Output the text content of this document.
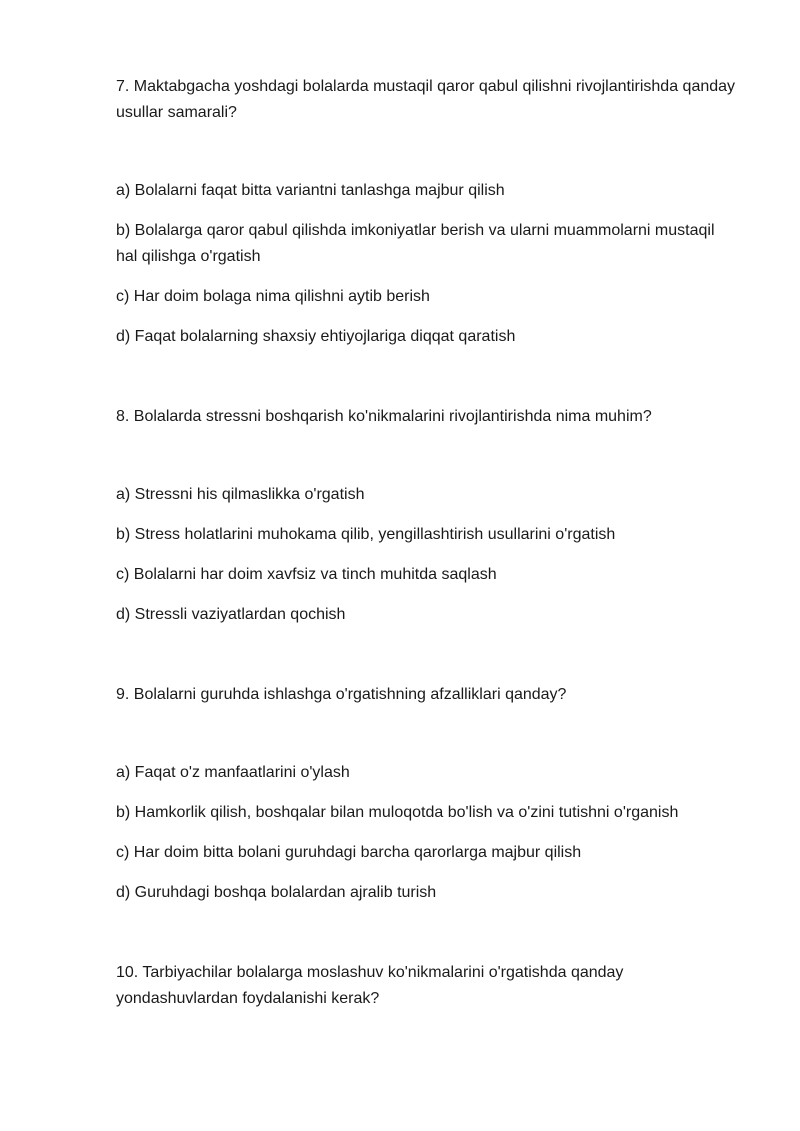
7. Maktabgacha yoshdagi bolalarda mustaqil qaror qabul qilishni rivojlantirishda qanday usullar samarali?

a) Bolalarni faqat bitta variantni tanlashga majbur qilish

b) Bolalarga qaror qabul qilishda imkoniyatlar berish va ularni muammolarni mustaqil hal qilishga o'rgatish

c) Har doim bolaga nima qilishni aytib berish

d) Faqat bolalarning shaxsiy ehtiyojlariga diqqat qaratish

8. Bolalarda stressni boshqarish ko'nikmalarini rivojlantirishda nima muhim?

a) Stressni his qilmaslikka o'rgatish

b) Stress holatlarini muhokama qilib, yengillashtirish usullarini o'rgatish

c) Bolalarni har doim xavfsiz va tinch muhitda saqlash

d) Stressli vaziyatlardan qochish

9. Bolalarni guruhda ishlashga o'rgatishning afzalliklari qanday?

a) Faqat o'z manfaatlarini o'ylash

b) Hamkorlik qilish, boshqalar bilan muloqotda bo'lish va o'zini tutishni o'rganish

c) Har doim bitta bolani guruhdagi barcha qarorlarga majbur qilish

d) Guruhdagi boshqa bolalardan ajralib turish

10. Tarbiyachilar bolalarga moslashuv ko'nikmalarini o'rgatishda qanday yondashuvlardan foydalanishi kerak?
